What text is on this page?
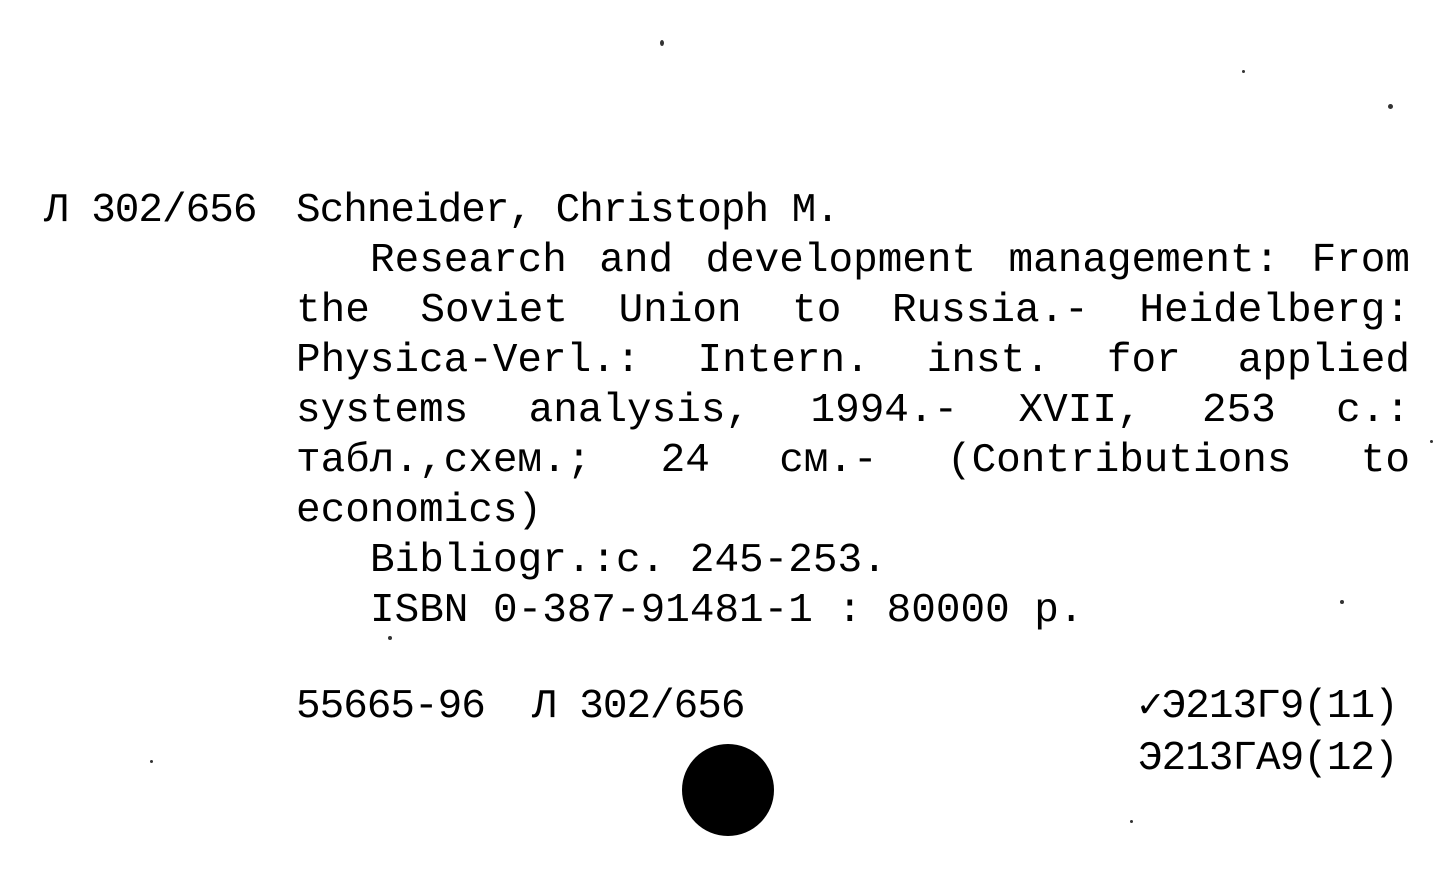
Л 302/656 Schneider, Christoph M.
Research and development management: From
the Soviet Union to Russia.- Heidelberg:
Physica-Verl.: Intern. inst. for applied
systems analysis, 1994.- XVII, 253 c.:
табл.,схем.; 24 см.- (Contributions to
economics)
Bibliogr.:c. 245-253.
ISBN 0-387-91481-1 : 80000 р.
55665-96  Л 302/656	✓Э213Г9(11)
Э213ГА9(12)
